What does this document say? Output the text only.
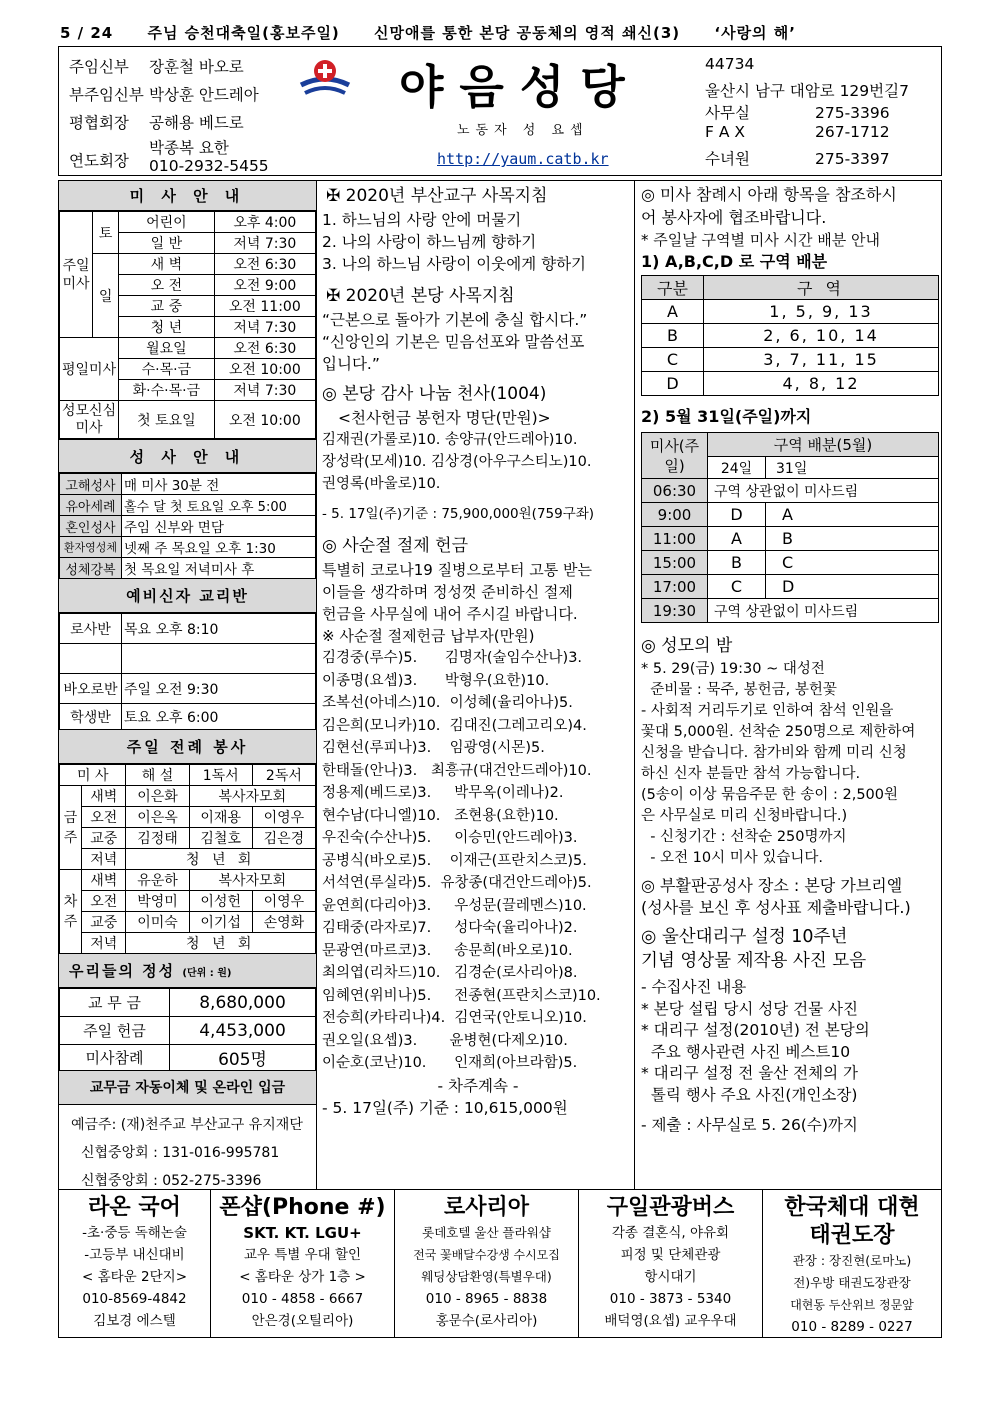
5 / 24 주님 승천대축일(홍보주일) 신망애를 통한 본당 공동체의 영적 쇄신(3) ‘사랑의 해’
주임신부 장훈철 바오로
부주임신부 박상훈 안드레아
평협회장 공해용 베드로
연도회장박종복 요한
010-2932-5455
야음성당
노동자 성 요셉
http://yaum.catb.kr
44734
울산시 남구 대암로 129번길7
사무실	275-3396
F A X	267-1712
수녀원	275-3397
미 사 안 내
주일미사	토	어린이	오후 4:00
		일 반	저녁 7:30
	일	새 벽	오전 6:30
		오 전	오전 9:00
		교 중	오전 11:00
		청 년	저녁 7:30
평일미사		월요일	오전 6:30
		수·목·금	오전 10:00
		화·수·목·금	저녁 7:30
성모신심미사		첫 토요일	오전 10:00
성 사 안 내
고해성사	매 미사 30분 전
유아세례	홀수 달 첫 토요일 오후 5:00
혼인성사	주임 신부와 면담
환자영성체	넷째 주 목요일 오후 1:30
성체강복	첫 목요일 저녁미사 후
예비신자 교리반
로사반	목요 오후 8:10

바오로반	주일 오전 9:30
학생반	토요 오후 6:00
주일 전례 봉사
미 사		해 설	1독서	2독서
금주	새벽	이은화	복사자모회	
	오전	이은옥	이재용	이영우
	교중	김정태	김철호	김은경
	저녁	청 년 회		
차주	새벽	유운하	복사자모회	
	오전	박영미	이성헌	이영우
	교중	이미숙	이기섭	손영화
	저녁	청 년 회		
우리들의 정성 (단위 : 원)
교 무 금	8,680,000
주일 헌금	4,453,000
미사참례	605명
교무금 자동이체 및 온라인 입금
예금주: (재)천주교 부산교구 유지재단
신협중앙회 : 131-016-995781
신협중앙회 : 052-275-3396
✠ 2020년 부산교구 사목지침

1. 하느님의 사랑 안에 머물기

2. 나의 사랑이 하느님께 향하기

3. 나의 하느님 사랑이 이웃에게 향하기

✠ 2020년 본당 사목지침

“근본으로 돌아가 기본에 충실 합시다.”

“신앙인의 기본은 믿음선포와 말씀선포

입니다.”

◎ 본당 감사 나눔 천사(1004)

<천사헌금 봉헌자 명단(만원)>

김재권(가롤로)10. 송양규(안드레아)10.

장성락(모세)10. 김상경(아우구스티노)10.

권영록(바울로)10.

- 5. 17일(주)기준 : 75,900,000원(759구좌)

◎ 사순절 절제 헌금

특별히 코로나19 질병으로부터 고통 받는

이들을 생각하며 정성껏 준비하신 절제

헌금을 사무실에 내어 주시길 바랍니다.

※ 사순절 절제헌금 납부자(만원)

김경중(루수)5.      김명자(술임수산나)3.

이종명(요셉)3.      박형우(요한)10.

조복선(아네스)10.  이성혜(율리아나)5.

김은희(모니카)10.  김대진(그레고리오)4.

김현선(루피나)3.    임광영(시몬)5.

한태돌(안나)3.   최흥규(대건안드레아)10.

정용제(베드로)3.     박무옥(이레나)2.

현수남(다니엘)10.   조현용(요한)10.

우진숙(수산나)5.     이승민(안드레아)3.

공병식(바오로)5.    이재근(프란치스코)5.

서석연(루실라)5.  유창종(대건안드레아)5.

윤연희(다리아)3.     우성문(끌레멘스)10.

김태중(라자로)7.     성다숙(율리아나)2.

문광연(마르코)3.     송문희(바오로)10.

최의엽(리차드)10.   김경순(로사리아)8.

임혜연(위비나)5.     전종현(프란치스코)10.

전승희(카타리나)4.  김연국(안토니오)10.

권오일(요셉)3.       윤병현(다제오)10.

이순호(코난)10.      인재희(아브라함)5.

- 차주계속 -

- 5. 17일(주) 기준 : 10,615,000원

◎ 미사 참례시 아래 항목을 참조하시
어 봉사자에 협조바랍니다.

* 주일날 구역별 미사 시간 배분 안내

1) A,B,C,D 로 구역 배분

구분	구 역
A	1, 5, 9, 13
B	2, 6, 10, 14
C	3, 7, 11, 15
D	4, 8, 12
2) 5월 31일(주일)까지
미사(주일)	구역 배분(5월)	
	24일	31일
06:30	구역 상관없이 미사드림	
9:00	D	A
11:00	A	B
15:00	B	C
17:00	C	D
19:30	구역 상관없이 미사드림	
◎ 성모의 밤

* 5. 29(금) 19:30 ~ 대성전

준비물 : 묵주, 봉헌금, 봉헌꽃

- 사회적 거리두기로 인하여 참석 인원을

꽃대 5,000원. 선착순 250명으로 제한하여

신청을 받습니다. 참가비와 함께 미리 신청

하신 신자 분들만 참석 가능합니다.

(5송이 이상 묶음주문 한 송이 : 2,500원

은 사무실로 미리 신청바랍니다.)

- 신청기간 : 선착순 250명까지

- 오전 10시 미사 있습니다.

◎ 부활판공성사 장소 : 본당 가브리엘
(성사를 보신 후 성사표 제출바랍니다.)
◎ 울산대리구 설정 10주년
기념 영상물 제작용 사진 모음

- 수집사진 내용

* 본당 설립 당시 성당 건물 사진

* 대리구 설정(2010년) 전 본당의

주요 행사관련 사진 베스트10

* 대리구 설정 전 울산 전체의 가

톨릭 행사 주요 사진(개인소장)

- 제출 : 사무실로 5. 26(수)까지

라온 국어

-초·중등 독해논술

-고등부 내신대비

< 홈타운 2단지>

010-8569-4842

김보경 에스텔

폰샵(Phone #)

SKT. KT. LGU+

교우 특별 우대 할인

< 홈타운 상가 1층 >

010 - 4858 - 6667

안은경(오틸리아)

로사리아

롯데호텔 울산 플라워샵

전국 꽃배달수강생 수시모집

웨딩상담환영(특별우대)

010 - 8965 - 8838

홍문수(로사리아)

구일관광버스

각종 결혼식, 야유회

피정 및 단체관광

항시대기

010 - 3873 - 5340

배덕영(요셉) 교우우대

한국체대 대현
태권도장

관장 : 장진현(로마노)

전)우방 태권도장관장

대현동 두산위브 정문앞

010 - 8289 - 0227
